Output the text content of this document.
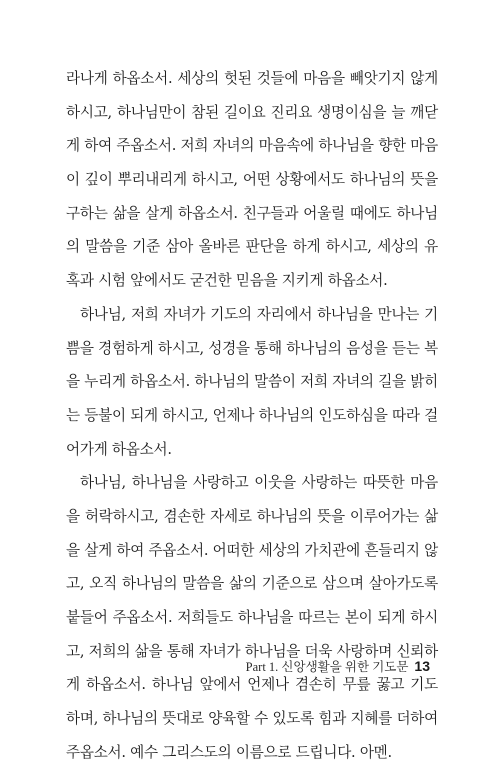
라나게 하옵소서. 세상의 헛된 것들에 마음을 빼앗기지 않게
하시고, 하나님만이 참된 길이요 진리요 생명이심을 늘 깨닫
게 하여 주옵소서. 저희 자녀의 마음속에 하나님을 향한 마음
이 깊이 뿌리내리게 하시고, 어떤 상황에서도 하나님의 뜻을
구하는 삶을 살게 하옵소서. 친구들과 어울릴 때에도 하나님
의 말씀을 기준 삼아 올바른 판단을 하게 하시고, 세상의 유
혹과 시험 앞에서도 굳건한 믿음을 지키게 하옵소서.
하나님, 저희 자녀가 기도의 자리에서 하나님을 만나는 기
쁨을 경험하게 하시고, 성경을 통해 하나님의 음성을 듣는 복
을 누리게 하옵소서. 하나님의 말씀이 저희 자녀의 길을 밝히
는 등불이 되게 하시고, 언제나 하나님의 인도하심을 따라 걸
어가게 하옵소서.
하나님, 하나님을 사랑하고 이웃을 사랑하는 따뜻한 마음
을 허락하시고, 겸손한 자세로 하나님의 뜻을 이루어가는 삶
을 살게 하여 주옵소서. 어떠한 세상의 가치관에 흔들리지 않
고, 오직 하나님의 말씀을 삶의 기준으로 삼으며 살아가도록
붙들어 주옵소서. 저희들도 하나님을 따르는 본이 되게 하시
고, 저희의 삶을 통해 자녀가 하나님을 더욱 사랑하며 신뢰하
게 하옵소서. 하나님 앞에서 언제나 겸손히 무릎 꿇고 기도
하며, 하나님의 뜻대로 양육할 수 있도록 힘과 지혜를 더하여
주옵소서. 예수 그리스도의 이름으로 드립니다. 아멘.
Part 1. 신앙생활을 위한 기도문 13
